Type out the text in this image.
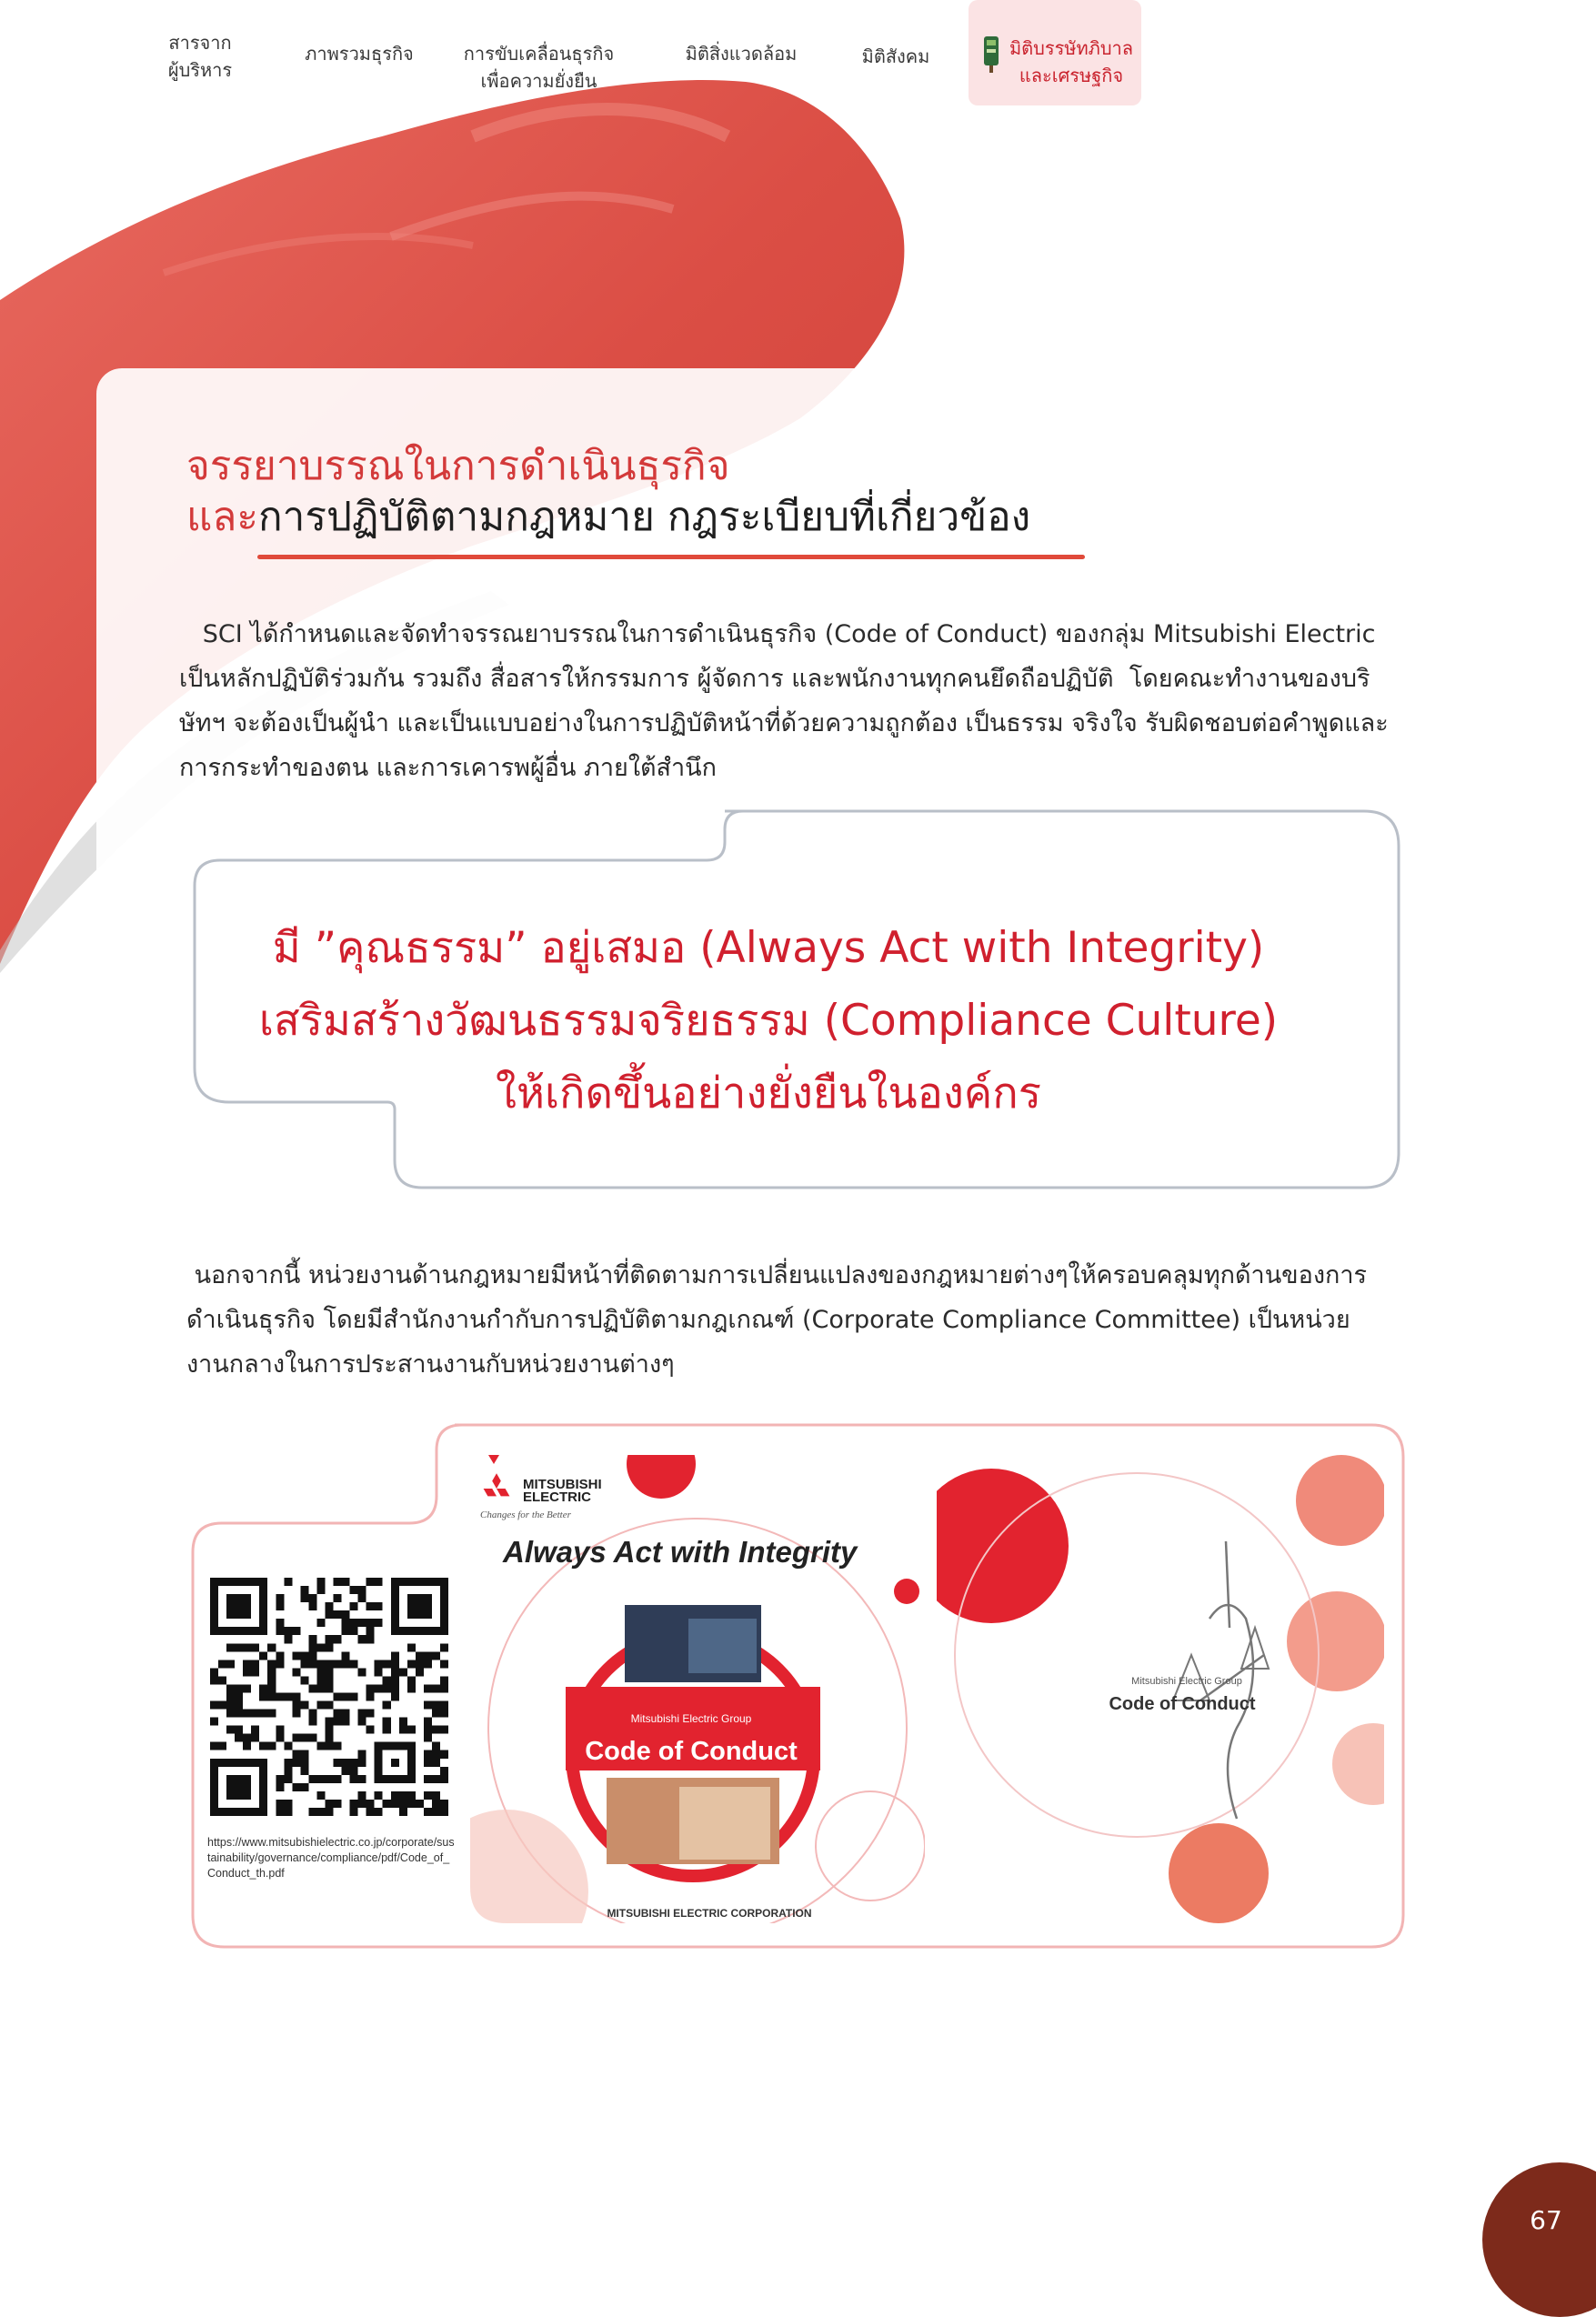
สารจาก
ผู้บริหาร
ภาพรวมธุรกิจ	การขับเคลื่อนธุรกิจ
เพื่อความยั่งยืน
มิติสิ่งแวดล้อม	มิติสังคม	มิติบรรษัทภิบาล
และเศรษฐกิจ

จรรยาบรรณในการดำเนินธุรกิจ
และการปฏิบัติตามกฎหมาย กฎระเบียบที่เกี่ยวข้อง
SCI ได้กำหนดและจัดทำจรรณยาบรรณในการดำเนินธุรกิจ (Code of Conduct) ของกลุ่ม Mitsubishi Electric
เป็นหลักปฏิบัติร่วมกัน รวมถึง สื่อสารให้กรรมการ ผู้จัดการ และพนักงานทุกคนยึดถือปฏิบัติ  โดยคณะทำงานของบริ
ษัทฯ จะต้องเป็นผู้นำ และเป็นแบบอย่างในการปฏิบัติหน้าที่ด้วยความถูกต้อง เป็นธรรม จริงใจ รับผิดชอบต่อคำพูดและ
การกระทำของตน และการเคารพผู้อื่น ภายใต้สำนึก
มี ”คุณธรรม” อยู่เสมอ (Always Act with Integrity)
เสริมสร้างวัฒนธรรมจริยธรรม (Compliance Culture)
ให้เกิดขึ้นอย่างยั่งยืนในองค์กร
นอกจากนี้ หน่วยงานด้านกฎหมายมีหน้าที่ติดตามการเปลี่ยนแปลงของกฎหมายต่างๆให้ครอบคลุมทุกด้านของการ
ดำเนินธุรกิจ โดยมีสำนักงานกำกับการปฏิบัติตามกฎเกณฑ์ (Corporate Compliance Committee) เป็นหน่วย
งานกลางในการประสานงานกับหน่วยงานต่างๆ
https://www.mitsubishielectric.co.jp/corporate/sustainability/governance/compliance/pdf/Code_of_Conduct_th.pdf
MITSUBISHI
ELECTRIC
Changes for the Better
Always Act with Integrity
Mitsubishi Electric Group
Code of Conduct
MITSUBISHI ELECTRIC CORPORATION
Mitsubishi Electric Group
Code of Conduct
67
